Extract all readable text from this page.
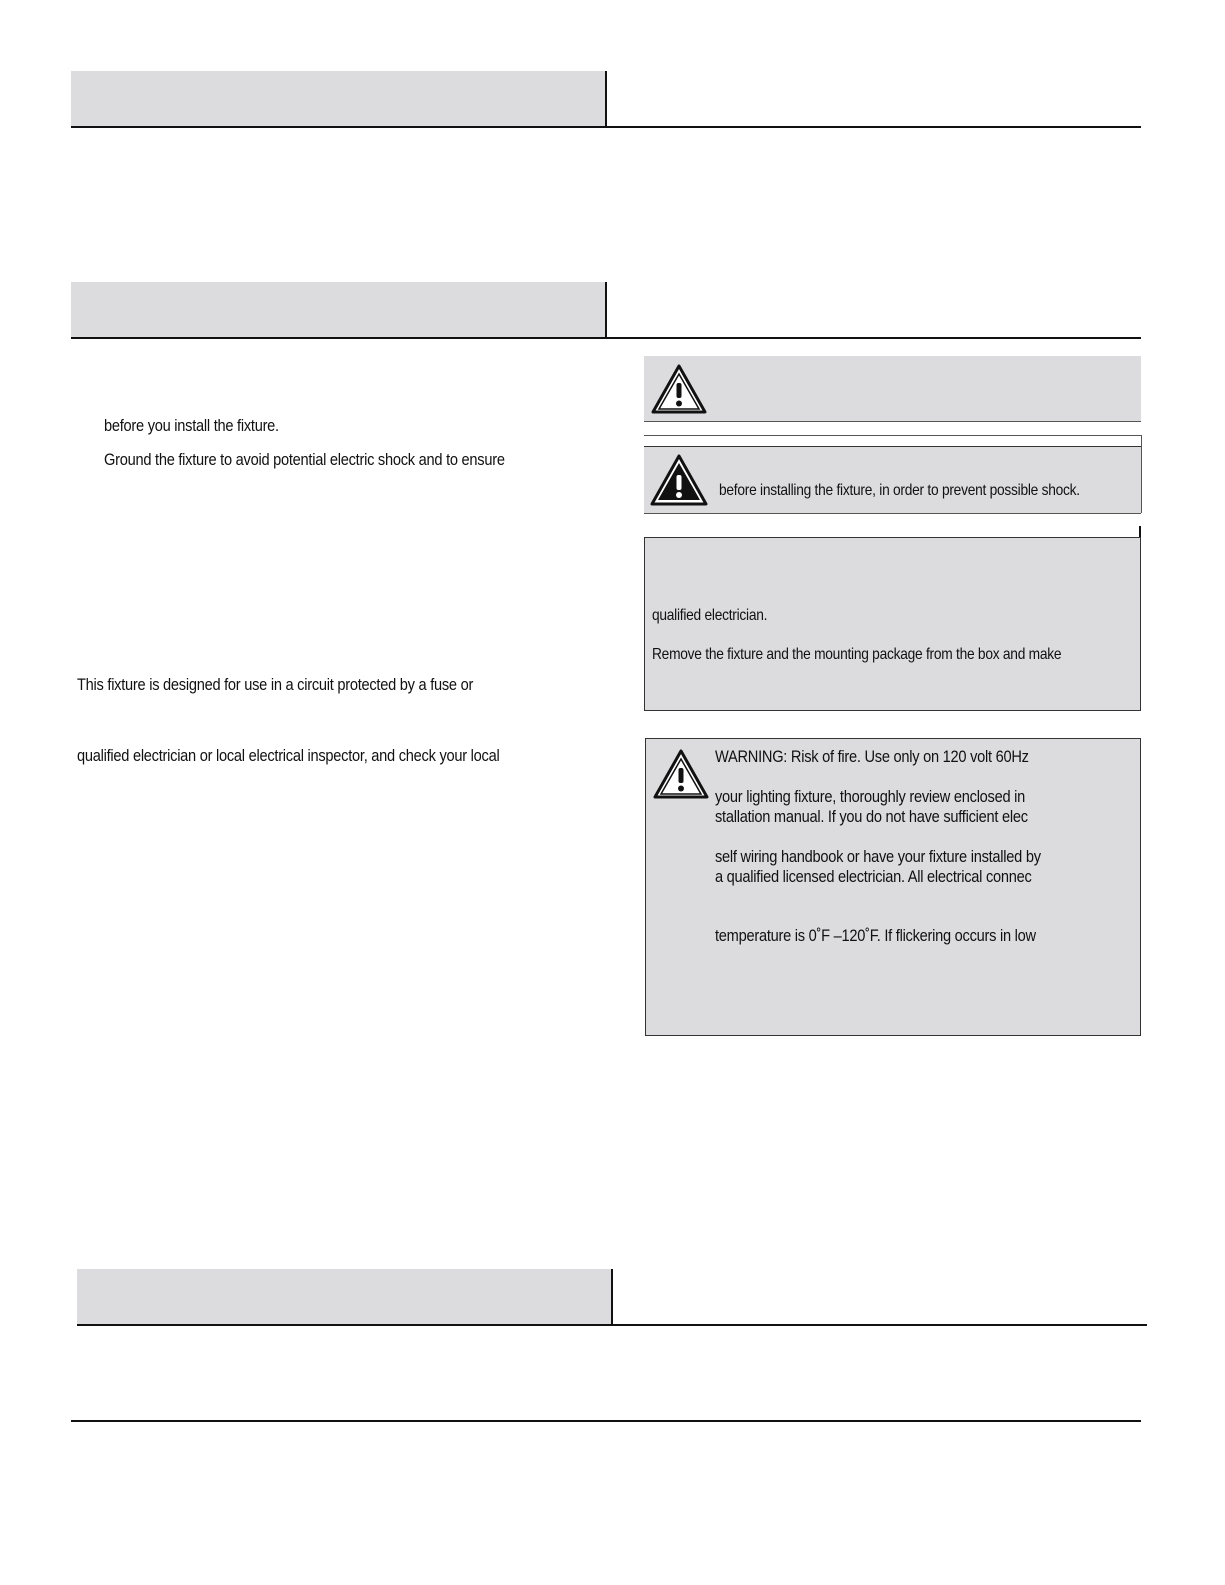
before you install the fixture.
Ground the fixture to avoid potential electric shock and to ensure
This fixture is designed for use in a circuit protected by a fuse or
qualified electrician or local electrical inspector, and check your local
before installing the fixture, in order to prevent possible shock.
qualified electrician.
Remove the fixture and the mounting package from the box and make
WARNING: Risk of fire. Use only on 120 volt 60Hz
your lighting fixture, thoroughly review enclosed in
stallation manual. If you do not have sufficient elec
self wiring handbook or have your fixture installed by
a qualified licensed electrician. All electrical connec
temperature is 0˚F –120˚F. If flickering occurs in low
